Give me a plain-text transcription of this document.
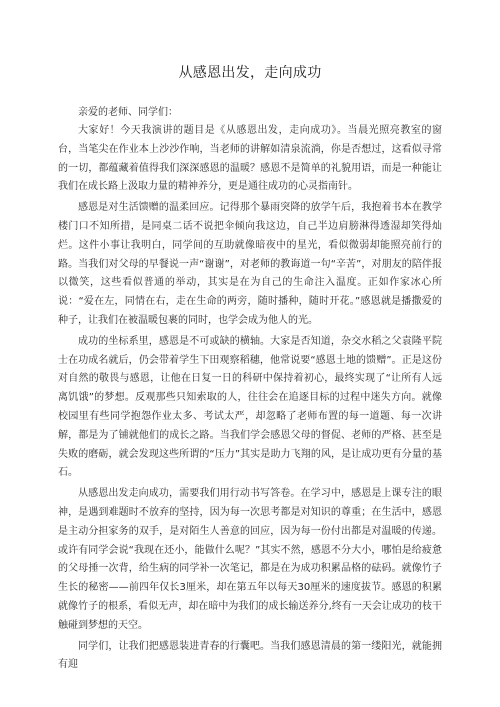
从感恩出发，走向成功

亲爱的老师、同学们：

大家好！今天我演讲的题目是《从感恩出发，走向成功》。当晨光照亮教室的窗台，当笔尖在作业本上沙沙作响，当老师的讲解如清泉流淌，你是否想过，这看似寻常的一切，都蕴藏着值得我们深深感恩的温暖？感恩不是简单的礼貌用语，而是一种能让我们在成长路上汲取力量的精神养分，更是通往成功的心灵指南针。

感恩是对生活馈赠的温柔回应。记得那个暴雨突降的放学午后，我抱着书本在教学楼门口不知所措，是同桌二话不说把伞倾向我这边，自己半边肩膀淋得透湿却笑得灿烂。这件小事让我明白，同学间的互助就像暗夜中的星光，看似微弱却能照亮前行的路。当我们对父母的早餐说一声“谢谢”，对老师的教诲道一句“辛苦”，对朋友的陪伴报以微笑，这些看似普通的举动，其实是在为自己的生命注入温度。正如作家冰心所说：“爱在左，同情在右，走在生命的两旁，随时播种，随时开花。”感恩就是播撒爱的种子，让我们在被温暖包裹的同时，也学会成为他人的光。

成功的坐标系里，感恩是不可或缺的横轴。大家是否知道，杂交水稻之父袁隆平院士在功成名就后，仍会带着学生下田观察稻穗，他常说要“感恩土地的馈赠”。正是这份对自然的敬畏与感恩，让他在日复一日的科研中保持着初心，最终实现了“让所有人远离饥饿”的梦想。反观那些只知索取的人，往往会在追逐目标的过程中迷失方向。就像校园里有些同学抱怨作业太多、考试太严，却忽略了老师布置的每一道题、每一次讲解，都是为了铺就他们的成长之路。当我们学会感恩父母的督促、老师的严格、甚至是失败的磨砺，就会发现这些所谓的“压力”其实是助力飞翔的风，是让成功更有分量的基石。

从感恩出发走向成功，需要我们用行动书写答卷。在学习中，感恩是上课专注的眼神，是遇到难题时不放弃的坚持，因为每一次思考都是对知识的尊重；在生活中，感恩是主动分担家务的双手，是对陌生人善意的回应，因为每一份付出都是对温暖的传递。或许有同学会说“我现在还小，能做什么呢？”其实不然，感恩不分大小，哪怕是给疲惫的父母捶一次背，给生病的同学补一次笔记，都是在为成功积累品格的砝码。就像竹子生长的秘密——前四年仅长3厘米，却在第五年以每天30厘米的速度拔节。感恩的积累就像竹子的根系，看似无声，却在暗中为我们的成长输送养分,终有一天会让成功的枝干触碰到梦想的天空。

同学们，让我们把感恩装进青春的行囊吧。当我们感恩清晨的第一缕阳光，就能拥有迎
